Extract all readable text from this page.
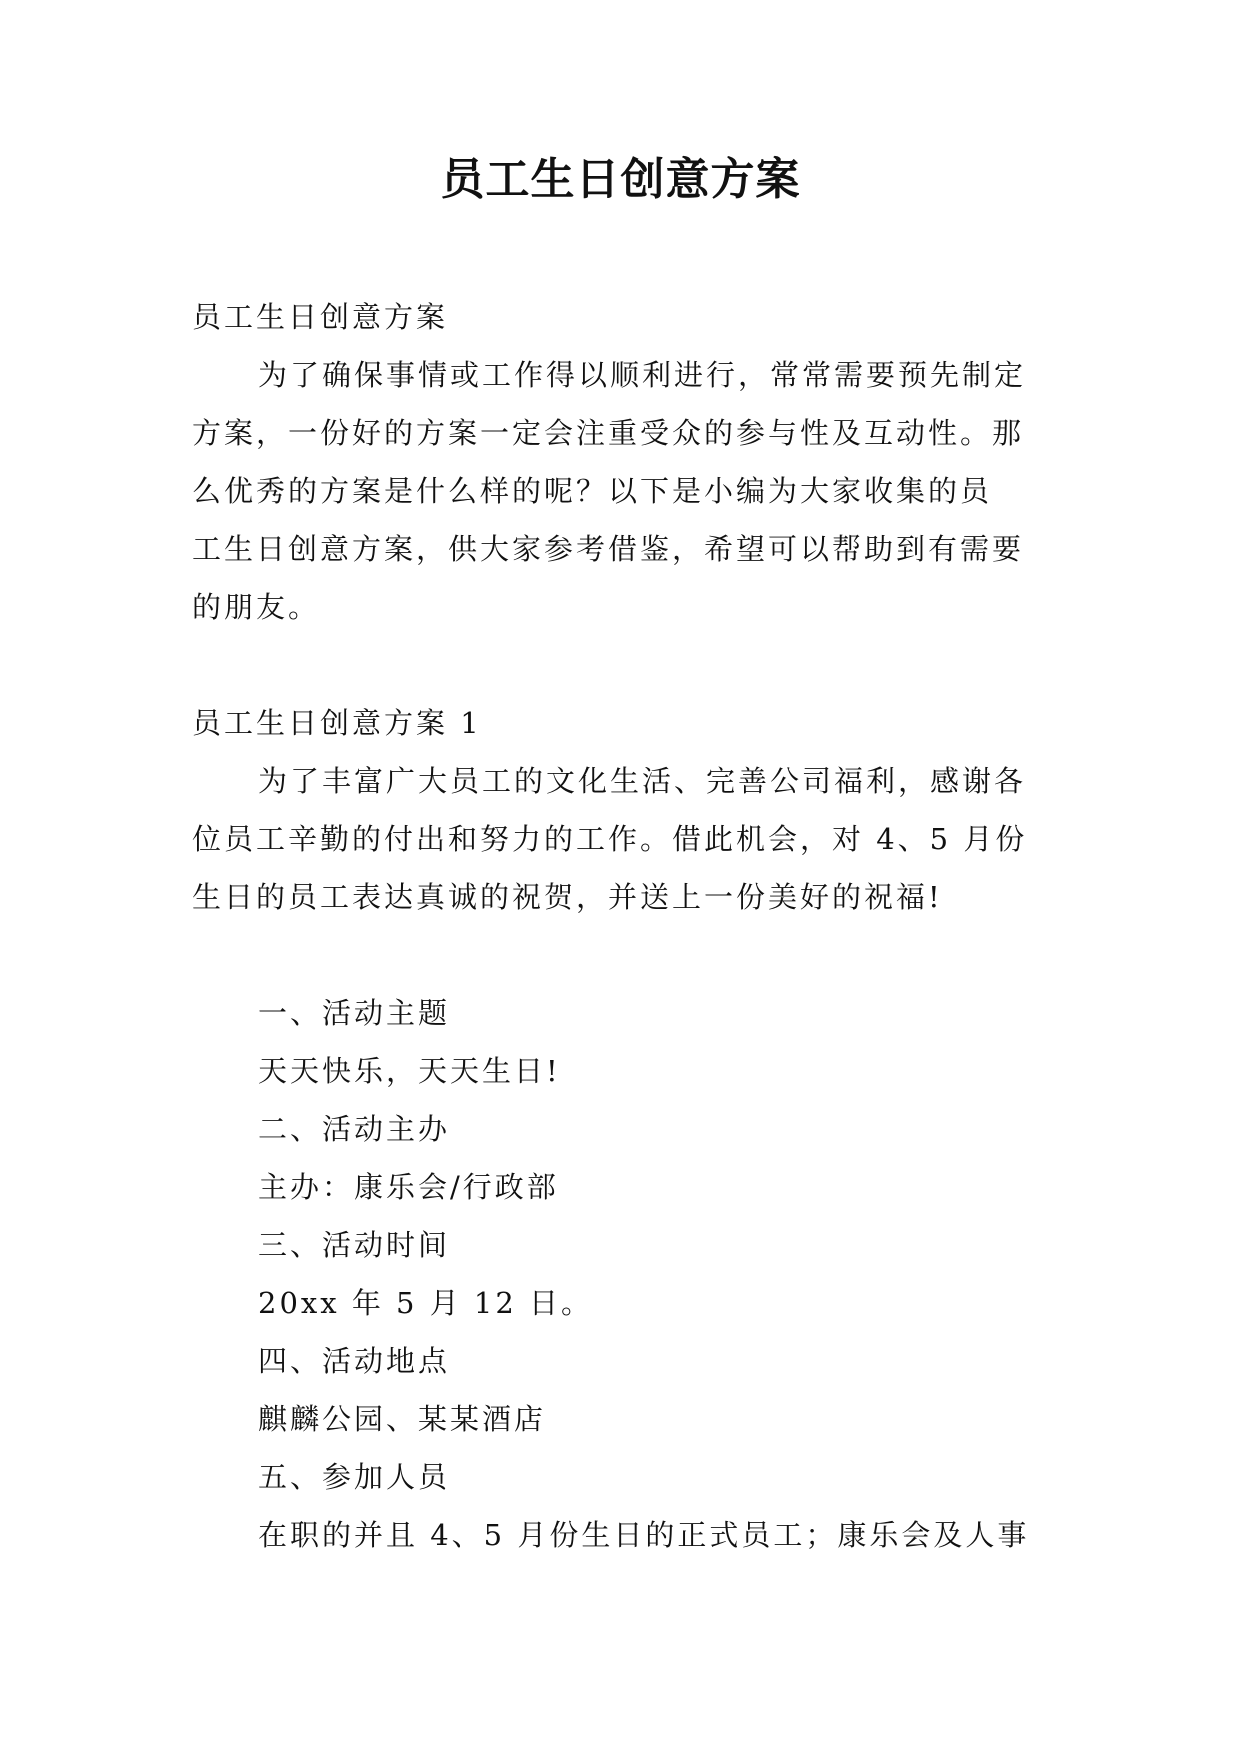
员工生日创意方案
员工生日创意方案
为了确保事情或工作得以顺利进行，常常需要预先制定
方案，一份好的方案一定会注重受众的参与性及互动性。那
么优秀的方案是什么样的呢？以下是小编为大家收集的员
工生日创意方案，供大家参考借鉴，希望可以帮助到有需要
的朋友。
员工生日创意方案 1
为了丰富广大员工的文化生活、完善公司福利，感谢各
位员工辛勤的付出和努力的工作。借此机会，对 4、5 月份
生日的员工表达真诚的祝贺，并送上一份美好的祝福!
一、活动主题
天天快乐，天天生日!
二、活动主办
主办：康乐会/行政部
三、活动时间
20xx 年 5 月 12 日。
四、活动地点
麒麟公园、某某酒店
五、参加人员
在职的并且 4、5 月份生日的正式员工；康乐会及人事
